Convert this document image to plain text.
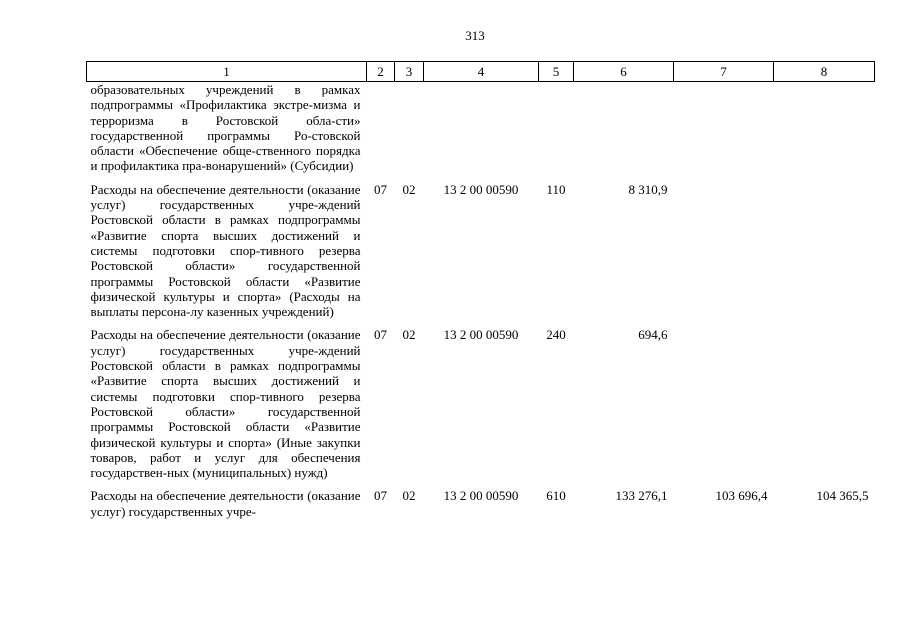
313
1	2	3	4	5	6	7	8
образовательных учреждений в рамках подпрограммы «Профилактика экстре-мизма и терроризма в Ростовской обла-сти» государственной программы Ро-стовской области «Обеспечение обще-ственного порядка и профилактика пра-вонарушений» (Субсидии)							
Расходы на обеспечение деятельности (оказание услуг) государственных учре-ждений Ростовской области в рамках подпрограммы «Развитие спорта высших достижений и системы подготовки спор-тивного резерва Ростовской области» государственной программы Ростовской области «Развитие физической культуры и спорта» (Расходы на выплаты персона-лу казенных учреждений)	07	02	13 2 00 00590	110	8 310,9		
Расходы на обеспечение деятельности (оказание услуг) государственных учре-ждений Ростовской области в рамках подпрограммы «Развитие спорта высших достижений и системы подготовки спор-тивного резерва Ростовской области» государственной программы Ростовской области «Развитие физической культуры и спорта» (Иные закупки товаров, работ и услуг для обеспечения государствен-ных (муниципальных) нужд)	07	02	13 2 00 00590	240	694,6		
Расходы на обеспечение деятельности (оказание услуг) государственных учре-	07	02	13 2 00 00590	610	133 276,1	103 696,4	104 365,5
